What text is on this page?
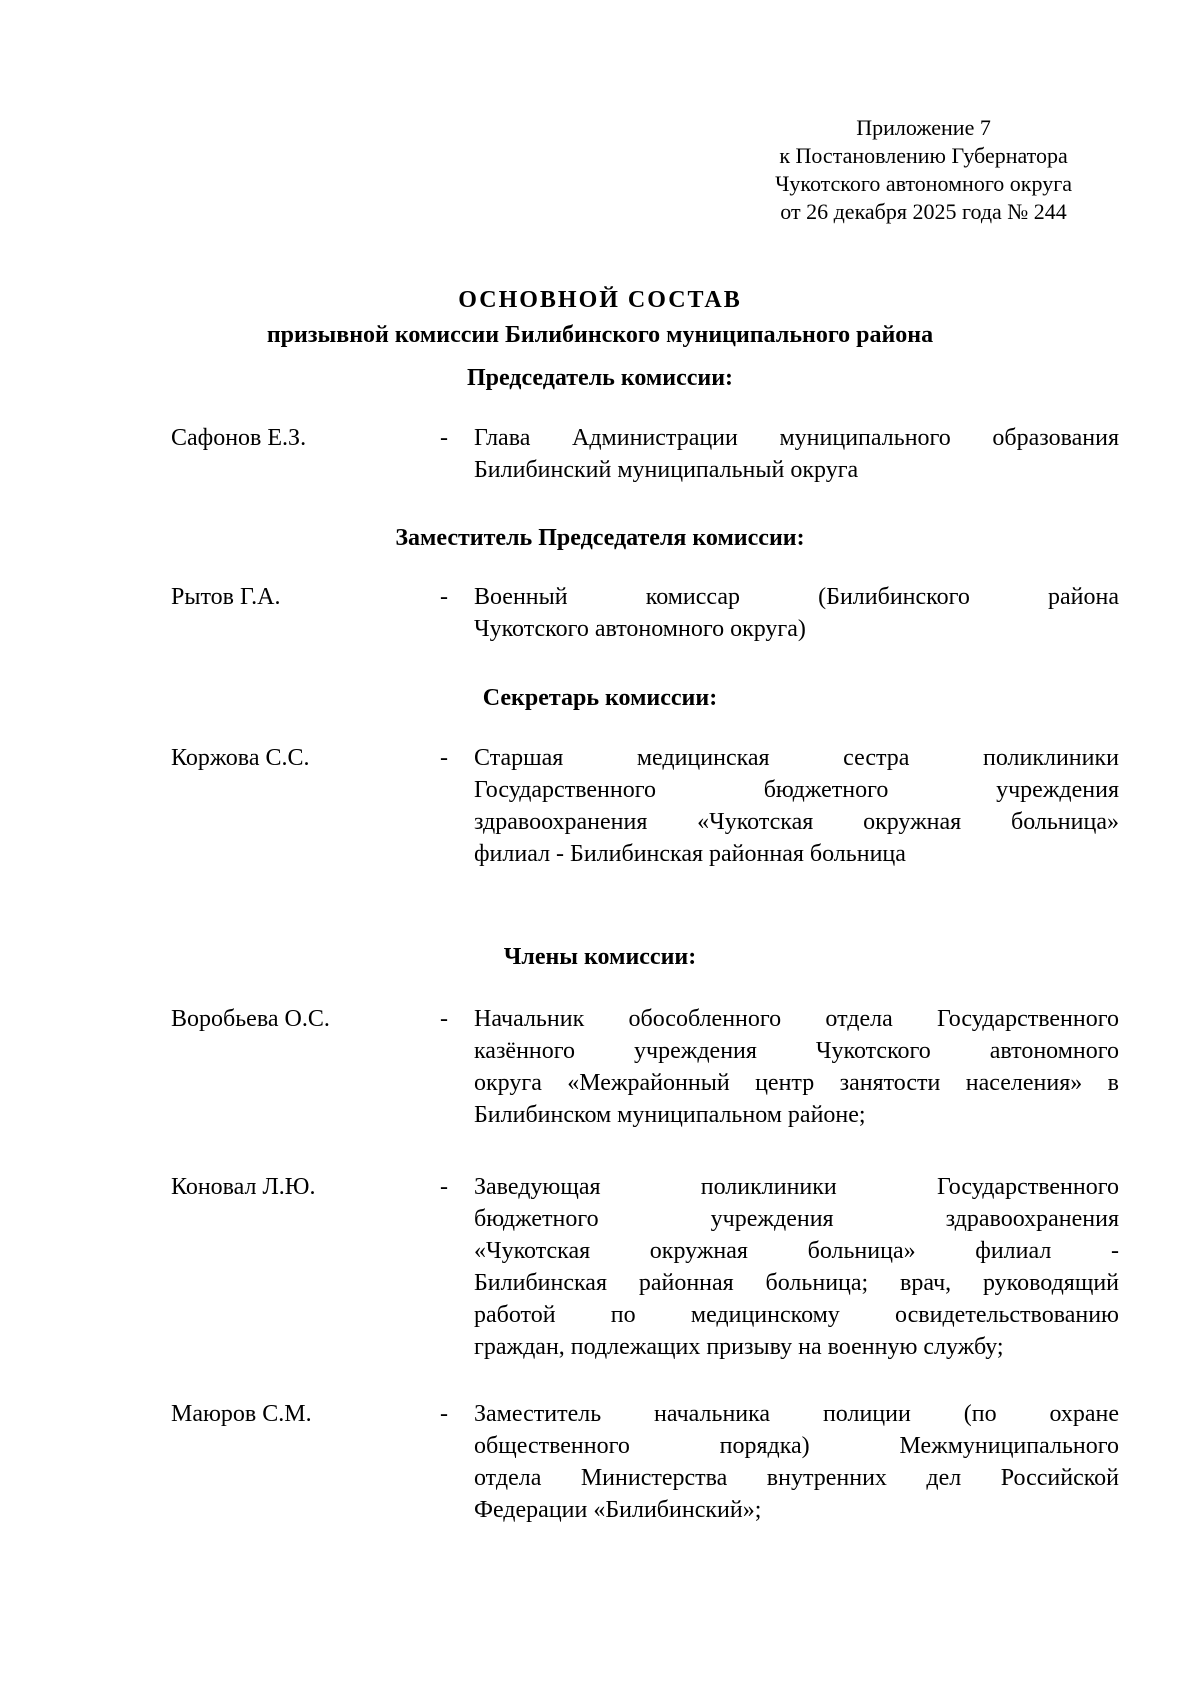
Приложение 7
к Постановлению Губернатора
Чукотского автономного округа
от 26 декабря 2025 года № 244
ОСНОВНОЙ СОСТАВ
призывной комиссии Билибинского муниципального района
Председатель комиссии:
Сафонов Е.З.	- Глава Администрации муниципального образования
Билибинский муниципальный округа
Заместитель Председателя комиссии:
Рытов Г.А.	- Военный комиссар (Билибинского района
Чукотского автономного округа)
Секретарь комиссии:
Коржова С.С.	- Старшая медицинская сестра поликлиники
Государственного бюджетного учреждения
здравоохранения «Чукотская окружная больница»
филиал - Билибинская районная больница
Члены комиссии:
Воробьева О.С.	- Начальник обособленного отдела Государственного
казённого учреждения Чукотского автономного
округа «Межрайонный центр занятости населения» в
Билибинском муниципальном районе;
Коновал Л.Ю.	- Заведующая поликлиники Государственного
бюджетного учреждения здравоохранения
«Чукотская окружная больница» филиал -
Билибинская районная больница; врач, руководящий
работой по медицинскому освидетельствованию
граждан, подлежащих призыву на военную службу;
Маюров С.М.	- Заместитель начальника полиции (по охране
общественного порядка) Межмуниципального
отдела Министерства внутренних дел Российской
Федерации «Билибинский»;
